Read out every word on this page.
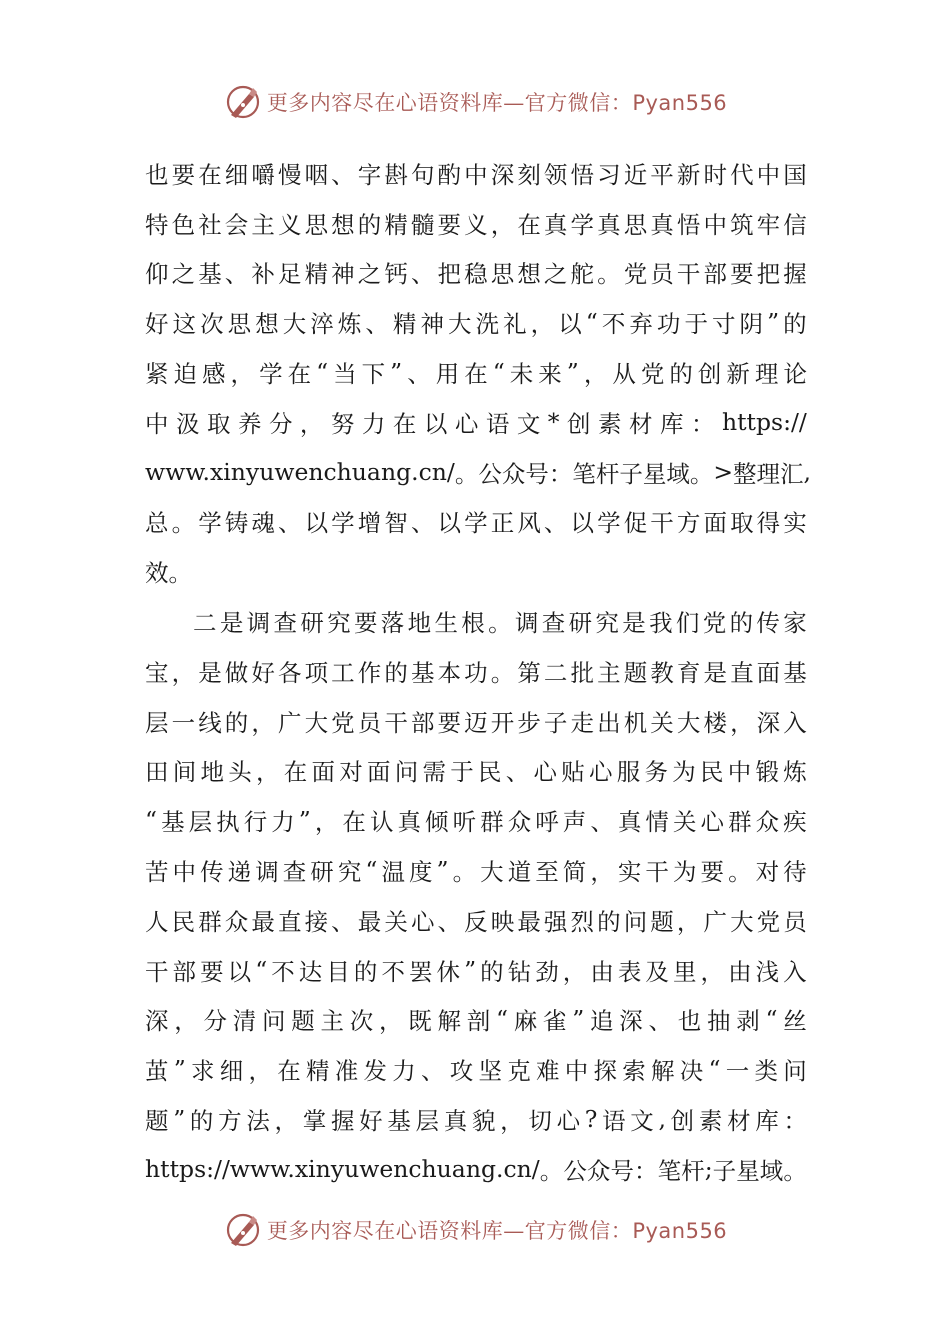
更多内容尽在心语资料库—官方微信：Pyan556
也 要 在 细 嚼 慢 咽 、 字 斟 句 酌 中 深 刻 领 悟 习 近 平 新 时 代 中 国
特 色 社 会 主 义 思 想 的 精 髓 要 义 ， 在 真 学 真 思 真 悟 中 筑 牢 信
仰 之 基 、 补 足 精 神 之 钙 、 把 稳 思 想 之 舵 。 党 员 干 部 要 把 握
好 这 次 思 想 大 淬 炼 、 精 神 大 洗 礼 ， 以 “ 不 弃 功 于 寸 阴 ” 的
紧 迫 感 ， 学 在 “ 当 下 ” 、 用 在 “ 未 来 ” ， 从 党 的 创 新 理 论
中 汲 取 养 分 ， 努 力 在 以 心 语 文 * 创 素 材 库 ： https://
www.xinyuwenchuang.cn/ 。 公 众 号 ： 笔 杆 子 星 域 。 > 整 理 汇 ,
总 。 学 铸 魂 、 以 学 增 智 、 以 学 正 风 、 以 学 促 干 方 面 取 得 实
效。
二 是 调 查 研 究 要 落 地 生 根 。 调 查 研 究 是 我 们 党 的 传 家
宝 ， 是 做 好 各 项 工 作 的 基 本 功 。 第 二 批 主 题 教 育 是 直 面 基
层 一 线 的 ， 广 大 党 员 干 部 要 迈 开 步 子 走 出 机 关 大 楼 ， 深 入
田 间 地 头 ， 在 面 对 面 问 需 于 民 、 心 贴 心 服 务 为 民 中 锻 炼
“ 基 层 执 行 力 ” ， 在 认 真 倾 听 群 众 呼 声 、 真 情 关 心 群 众 疾
苦 中 传 递 调 查 研 究 “ 温 度 ” 。 大 道 至 简 ， 实 干 为 要 。 对 待
人 民 群 众 最 直 接 、 最 关 心 、 反 映 最 强 烈 的 问 题 ， 广 大 党 员
干 部 要 以 “ 不 达 目 的 不 罢 休 ” 的 钻 劲 ， 由 表 及 里 ， 由 浅 入
深 ， 分 清 问 题 主 次 ， 既 解 剖 “ 麻 雀 ” 追 深 、 也 抽 剥 “ 丝
茧 ” 求 细 ， 在 精 准 发 力 、 攻 坚 克 难 中 探 索 解 决 “ 一 类 问
题 ” 的 方 法 ， 掌 握 好 基 层 真 貌 ， 切 心 ? 语 文 , 创 素 材 库 ：
https://www.xinyuwenchuang.cn/ 。 公 众 号 ： 笔 杆 ; 子 星 域 。
更多内容尽在心语资料库—官方微信：Pyan556
